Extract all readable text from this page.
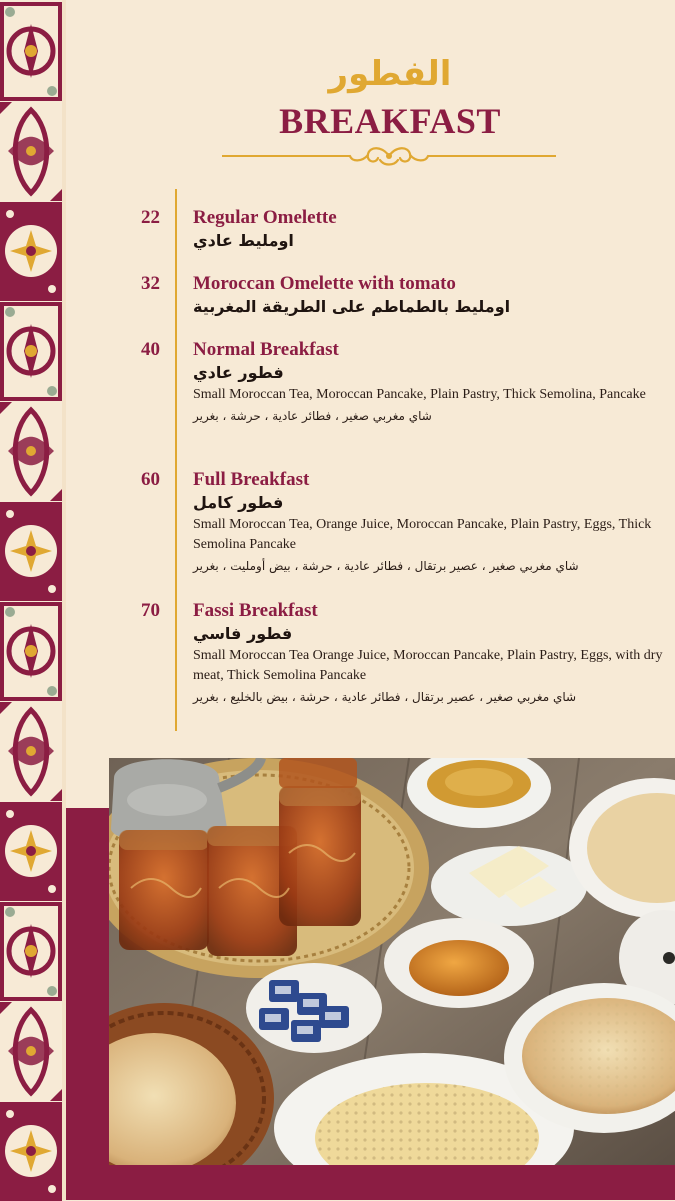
الفطور
BREAKFAST
22 Regular Omelette
اومليط عادي
32 Moroccan Omelette with tomato
اومليط بالطماطم على الطريقة المغربية
40 Normal Breakfast
فطور عادي
Small Moroccan Tea, Moroccan Pancake, Plain Pastry, Thick Semolina, Pancake
شاي مغربي صغير ، فطائر عادية ، حرشة ، بغرير
60 Full Breakfast
فطور كامل
Small Moroccan Tea, Orange Juice, Moroccan Pancake, Plain Pastry, Eggs, Thick Semolina Pancake
شاي مغربي صغير ، عصير برتقال ، فطائر عادية ، حرشة ، بيض أومليت ، بغرير
70 Fassi Breakfast
فطور فاسي
Small Moroccan Tea Orange Juice, Moroccan Pancake, Plain Pastry, Eggs, with dry meat, Thick Semolina Pancake
شاي مغربي صغير ، عصير برتقال ، فطائر عادية ، حرشة ، بيض بالخليع ، بغرير
